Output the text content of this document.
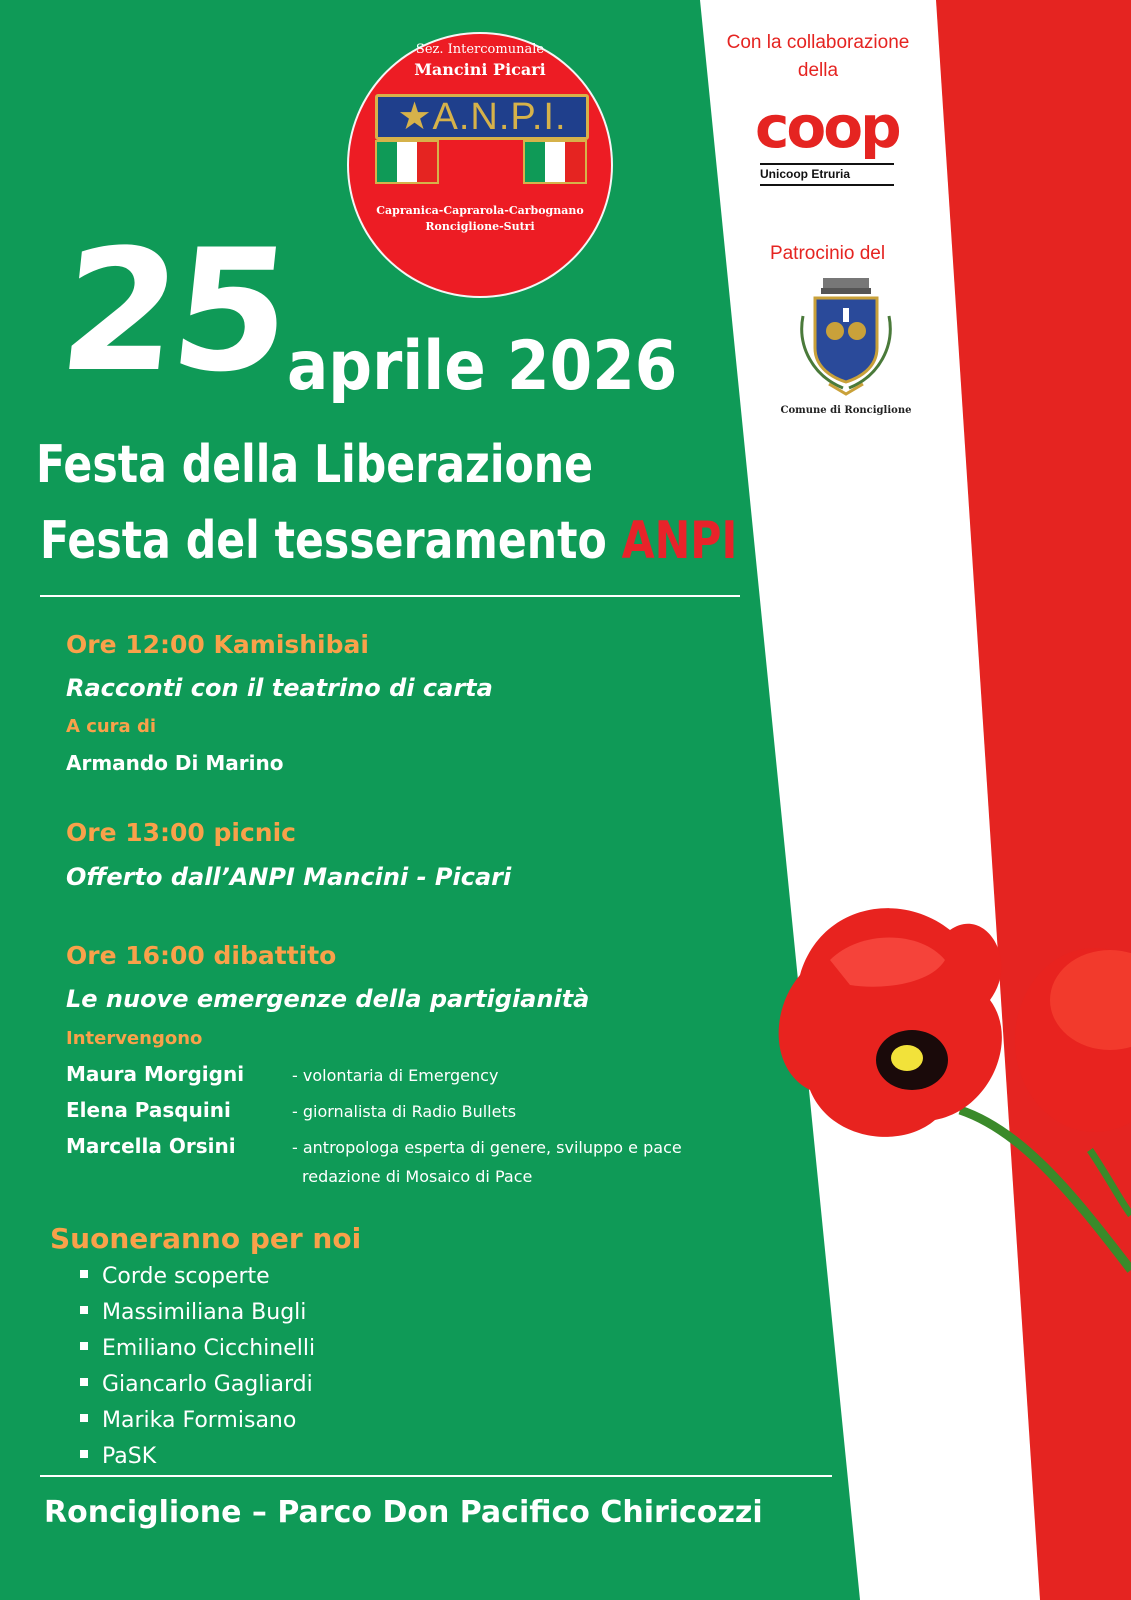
Sez. Intercomunale
Mancini Picari
★A.N.P.I.
Capranica-Caprarola-Carbognano
Ronciglione-Sutri
Con la collaborazione
della
coop
Unicoop Etruria
Patrocinio del
Comune di Ronciglione
25
aprile 2026
Festa della Liberazione
Festa del tesseramento ANPI
Ore 12:00 Kamishibai
Racconti con il teatrino di carta
A cura di
Armando Di Marino
Ore 13:00 picnic
Offerto dall’ANPI Mancini - Picari
Ore 16:00 dibattito
Le nuove emergenze della partigianità
Intervengono
Maura Morgigni	- volontaria di Emergency
Elena Pasquini	- giornalista di Radio Bullets
Marcella Orsini	- antropologa esperta di genere, sviluppo e pace
redazione di Mosaico di Pace
Suoneranno per noi
Corde scoperte
Massimiliana Bugli
Emiliano Cicchinelli
Giancarlo Gagliardi
Marika Formisano
PaSK
Ronciglione – Parco Don Pacifico Chiricozzi
